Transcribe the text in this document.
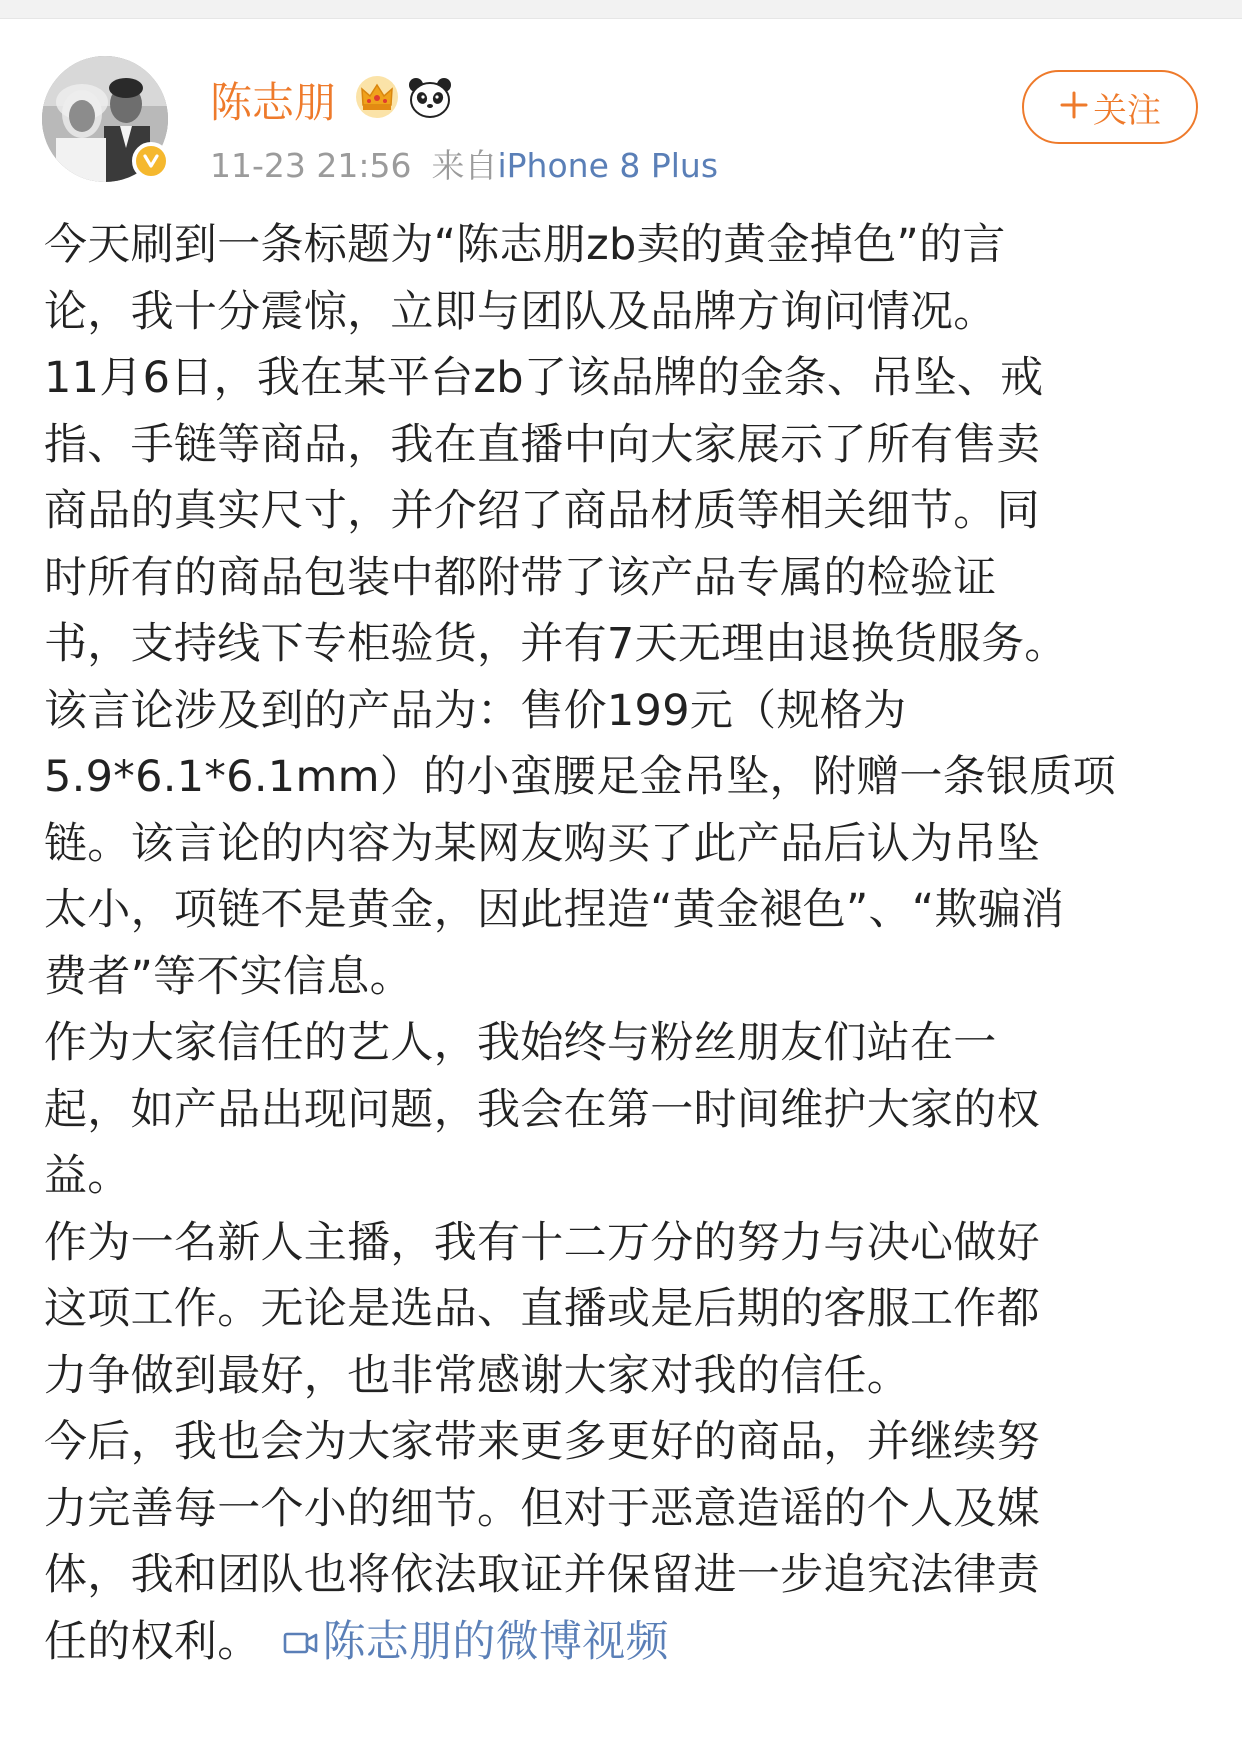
陈志朋
11-23 21:56 来自iPhone 8 Plus
关注

今天刷到一条标题为“陈志朋zb卖的黄金掉色”的言

论，我十分震惊，立即与团队及品牌方询问情况。

11月6日，我在某平台zb了该品牌的金条、吊坠、戒

指、手链等商品，我在直播中向大家展示了所有售卖

商品的真实尺寸，并介绍了商品材质等相关细节。同

时所有的商品包装中都附带了该产品专属的检验证

书，支持线下专柜验货，并有7天无理由退换货服务。

该言论涉及到的产品为：售价199元（规格为

5.9*6.1*6.1mm）的小蛮腰足金吊坠，附赠一条银质项

链。该言论的内容为某网友购买了此产品后认为吊坠

太小，项链不是黄金，因此捏造“黄金褪色”、“欺骗消

费者”等不实信息。

作为大家信任的艺人，我始终与粉丝朋友们站在一

起，如产品出现问题，我会在第一时间维护大家的权

益。

作为一名新人主播，我有十二万分的努力与决心做好

这项工作。无论是选品、直播或是后期的客服工作都

力争做到最好，也非常感谢大家对我的信任。

今后，我也会为大家带来更多更好的商品，并继续努

力完善每一个小的细节。但对于恶意造谣的个人及媒

体，我和团队也将依法取证并保留进一步追究法律责

任的权利。 陈志朋的微博视频
